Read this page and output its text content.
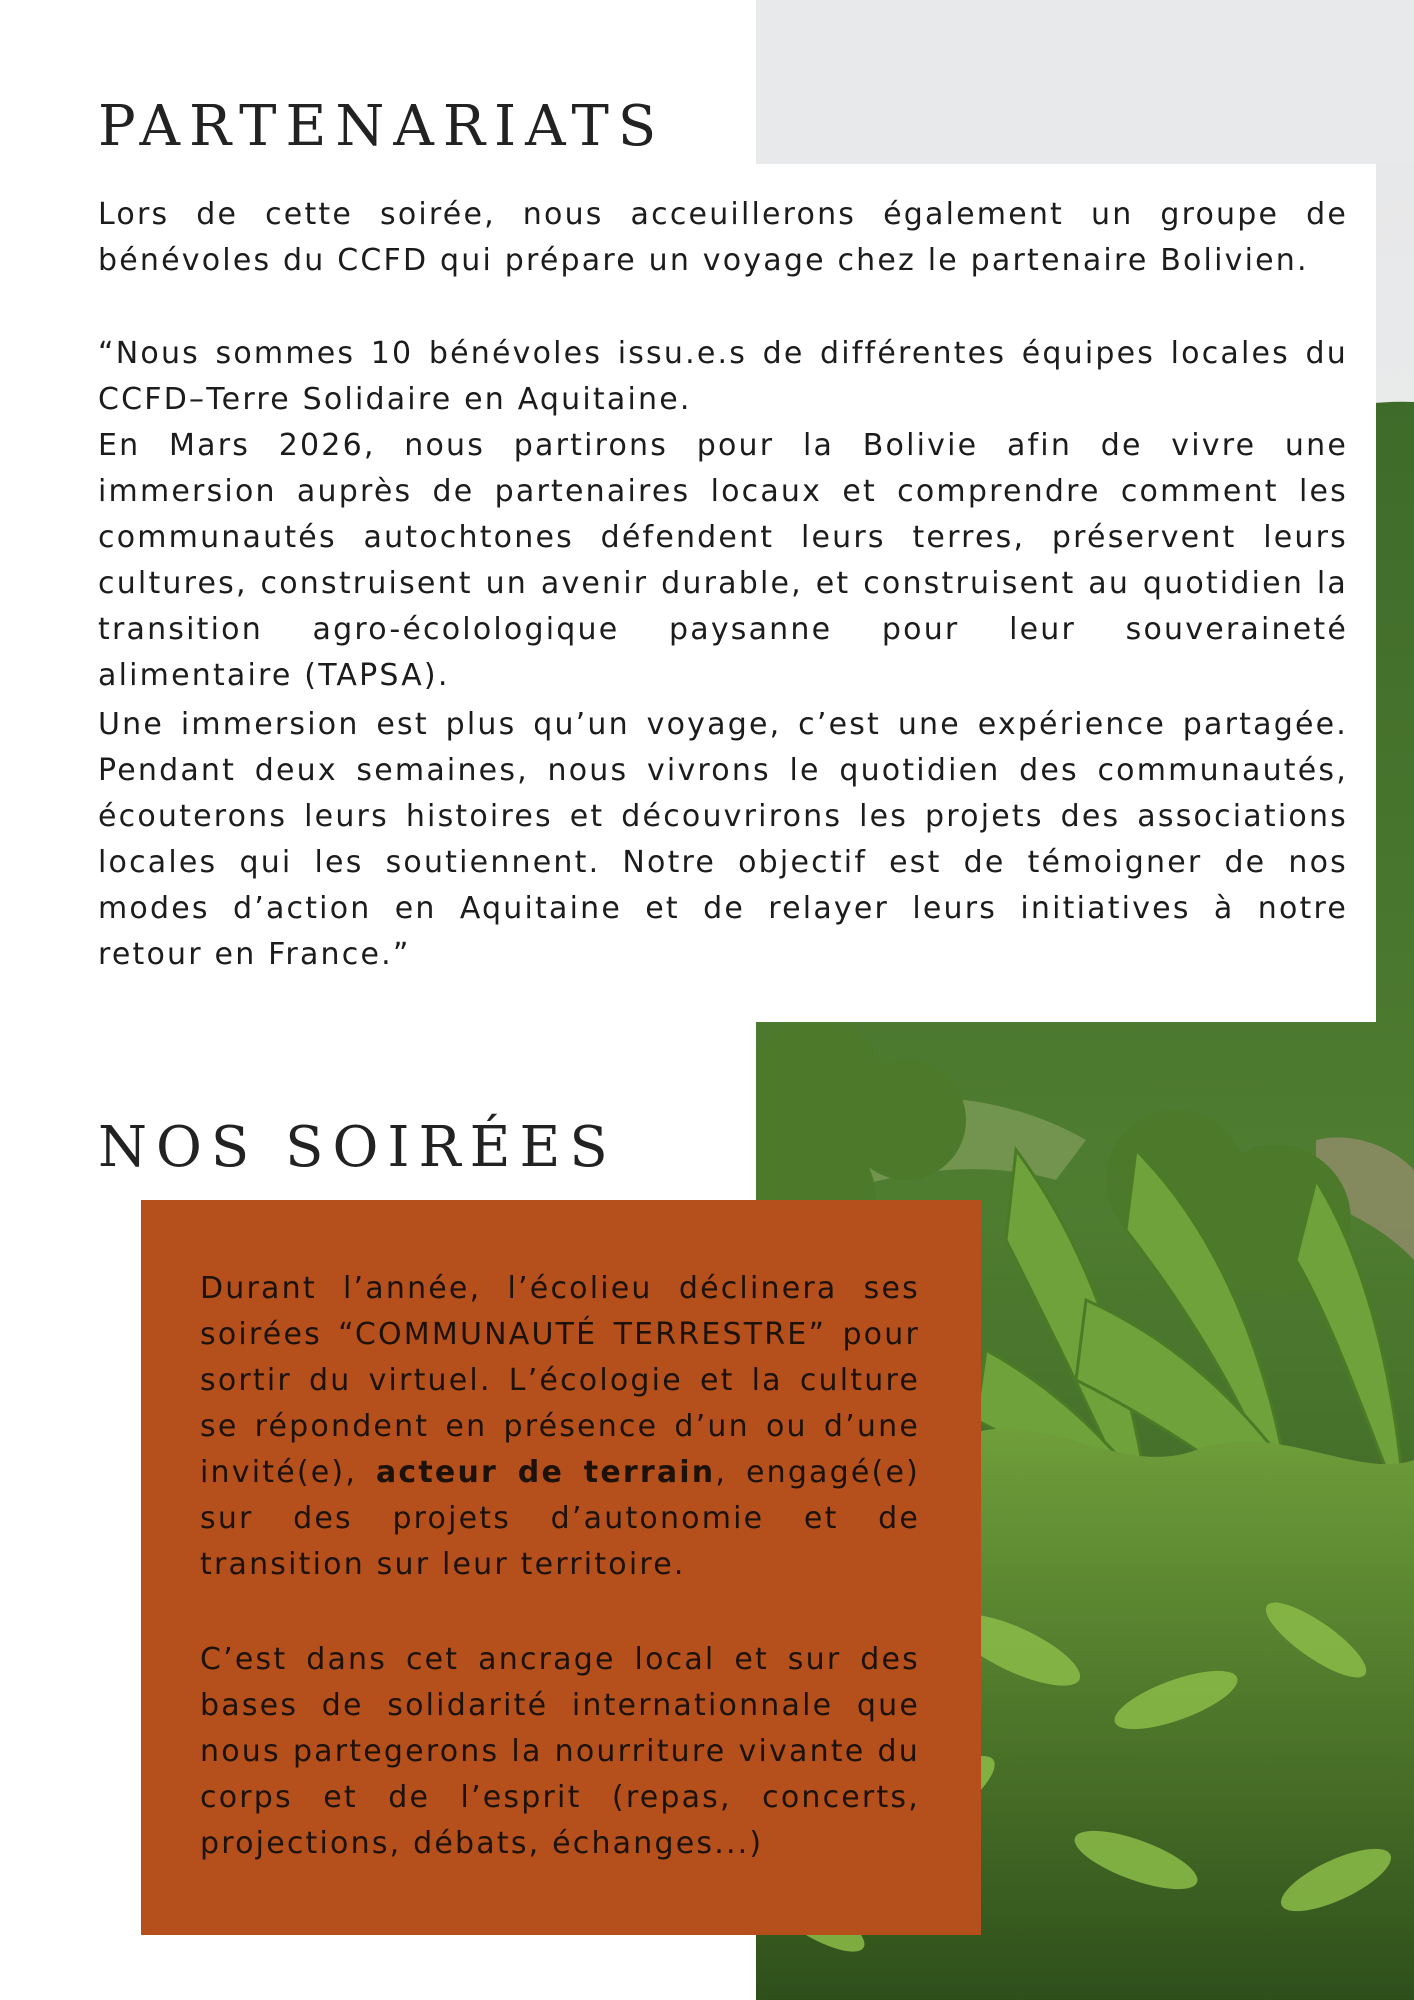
PARTENARIATS

Lors de cette soirée, nous acceuillerons également un groupe de bénévoles du CCFD qui prépare un voyage chez le partenaire Bolivien.

“Nous sommes 10 bénévoles issu.e.s de différentes équipes locales du CCFD–Terre Solidaire en Aquitaine.

En Mars 2026, nous partirons pour la Bolivie afin de vivre une immersion auprès de partenaires locaux et comprendre comment les communautés autochtones défendent leurs terres, préservent leurs cultures, construisent un avenir durable, et construisent au quotidien la transition agro-écolologique paysanne pour leur souveraineté alimentaire (TAPSA).

Une immersion est plus qu’un voyage, c’est une expérience partagée. Pendant deux semaines, nous vivrons le quotidien des communautés, écouterons leurs histoires et découvrirons les projets des associations locales qui les soutiennent. Notre objectif est de témoigner de nos modes d’action en Aquitaine et de relayer leurs initiatives à notre retour en France.”

NOS SOIRÉES

Durant l’année, l’écolieu déclinera ses soirées “COMMUNAUTÉ TERRESTRE” pour sortir du virtuel. L’écologie et la culture se répondent en présence d’un ou d’une invité(e), acteur de terrain, engagé(e) sur des projets d’autonomie et de transition sur leur territoire.

C’est dans cet ancrage local et sur des bases de solidarité internationnale que nous partegerons la nourriture vivante du corps et de l’esprit (repas, concerts, projections, débats, échanges...)
